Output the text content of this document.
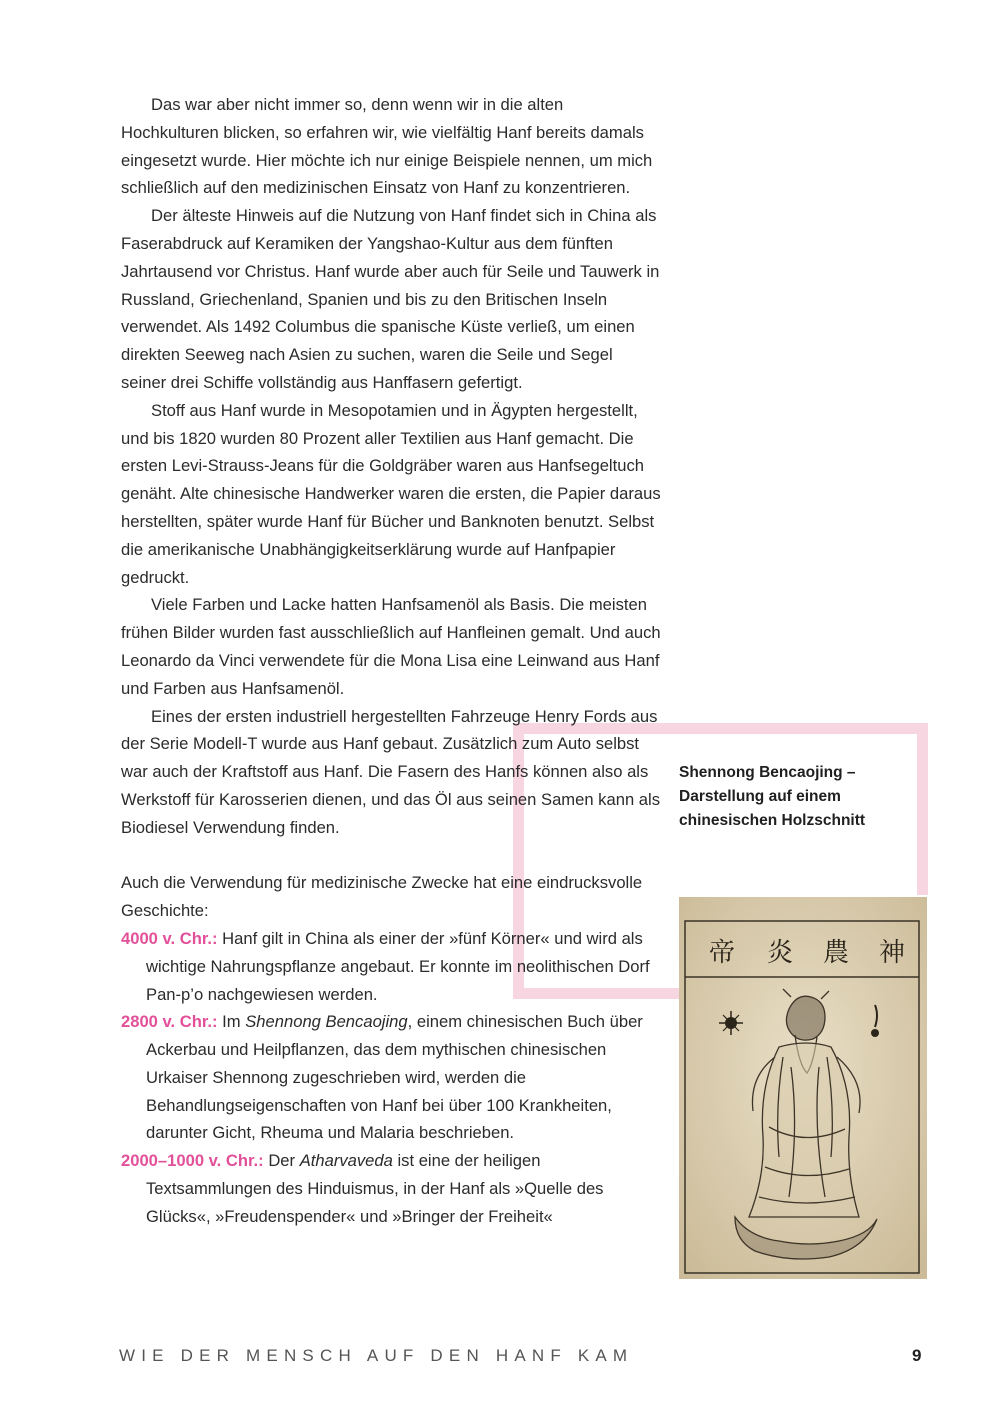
Das war aber nicht immer so, denn wenn wir in die alten Hochkulturen blicken, so erfahren wir, wie vielfältig Hanf bereits damals eingesetzt wurde. Hier möchte ich nur einige Beispiele nennen, um mich schließlich auf den medizinischen Einsatz von Hanf zu konzentrieren.

Der älteste Hinweis auf die Nutzung von Hanf findet sich in China als Faserabdruck auf Keramiken der Yangshao-Kultur aus dem fünften Jahrtausend vor Christus. Hanf wurde aber auch für Seile und Tauwerk in Russland, Griechenland, Spanien und bis zu den Britischen Inseln verwendet. Als 1492 Columbus die spanische Küste verließ, um einen direkten Seeweg nach Asien zu suchen, waren die Seile und Segel seiner drei Schiffe vollständig aus Hanffasern gefertigt.

Stoff aus Hanf wurde in Mesopotamien und in Ägypten hergestellt, und bis 1820 wurden 80 Prozent aller Textilien aus Hanf gemacht. Die ersten Levi-Strauss-Jeans für die Goldgräber waren aus Hanfsegeltuch genäht. Alte chinesische Handwerker waren die ersten, die Papier daraus herstellten, später wurde Hanf für Bücher und Banknoten benutzt. Selbst die amerikanische Unabhängigkeitserklärung wurde auf Hanfpapier gedruckt.

Viele Farben und Lacke hatten Hanfsamenöl als Basis. Die meisten frühen Bilder wurden fast ausschließlich auf Hanfleinen gemalt. Und auch Leonardo da Vinci verwendete für die Mona Lisa eine Leinwand aus Hanf und Farben aus Hanfsamenöl.

Eines der ersten industriell hergestellten Fahrzeuge Henry Fords aus der Serie Modell-T wurde aus Hanf gebaut. Zusätzlich zum Auto selbst war auch der Kraftstoff aus Hanf. Die Fasern des Hanfs können also als Werkstoff für Karosserien dienen, und das Öl aus seinen Samen kann als Biodiesel Verwendung finden.

Auch die Verwendung für medizinische Zwecke hat eine eindrucksvolle Geschichte:

4000 v. Chr.: Hanf gilt in China als einer der »fünf Körner« und wird als wichtige Nahrungspflanze angebaut. Er konnte im neolithischen Dorf Pan-p’o nachgewiesen werden.

2800 v. Chr.: Im Shennong Bencaojing, einem chinesischen Buch über Ackerbau und Heilpflanzen, das dem mythischen chinesischen Urkaiser Shennong zugeschrieben wird, werden die Behandlungseigenschaften von Hanf bei über 100 Krankheiten, darunter Gicht, Rheuma und Malaria beschrieben.

2000–1000 v. Chr.: Der Atharvaveda ist eine der heiligen Textsammlungen des Hinduismus, in der Hanf als »Quelle des Glücks«, »Freudenspender« und »Bringer der Freiheit«

Shennong Bencaojing – Darstellung auf einem chinesischen Holzschnitt
神
農
炎
帝
WIE DER MENSCH AUF DEN HANF KAM	9
